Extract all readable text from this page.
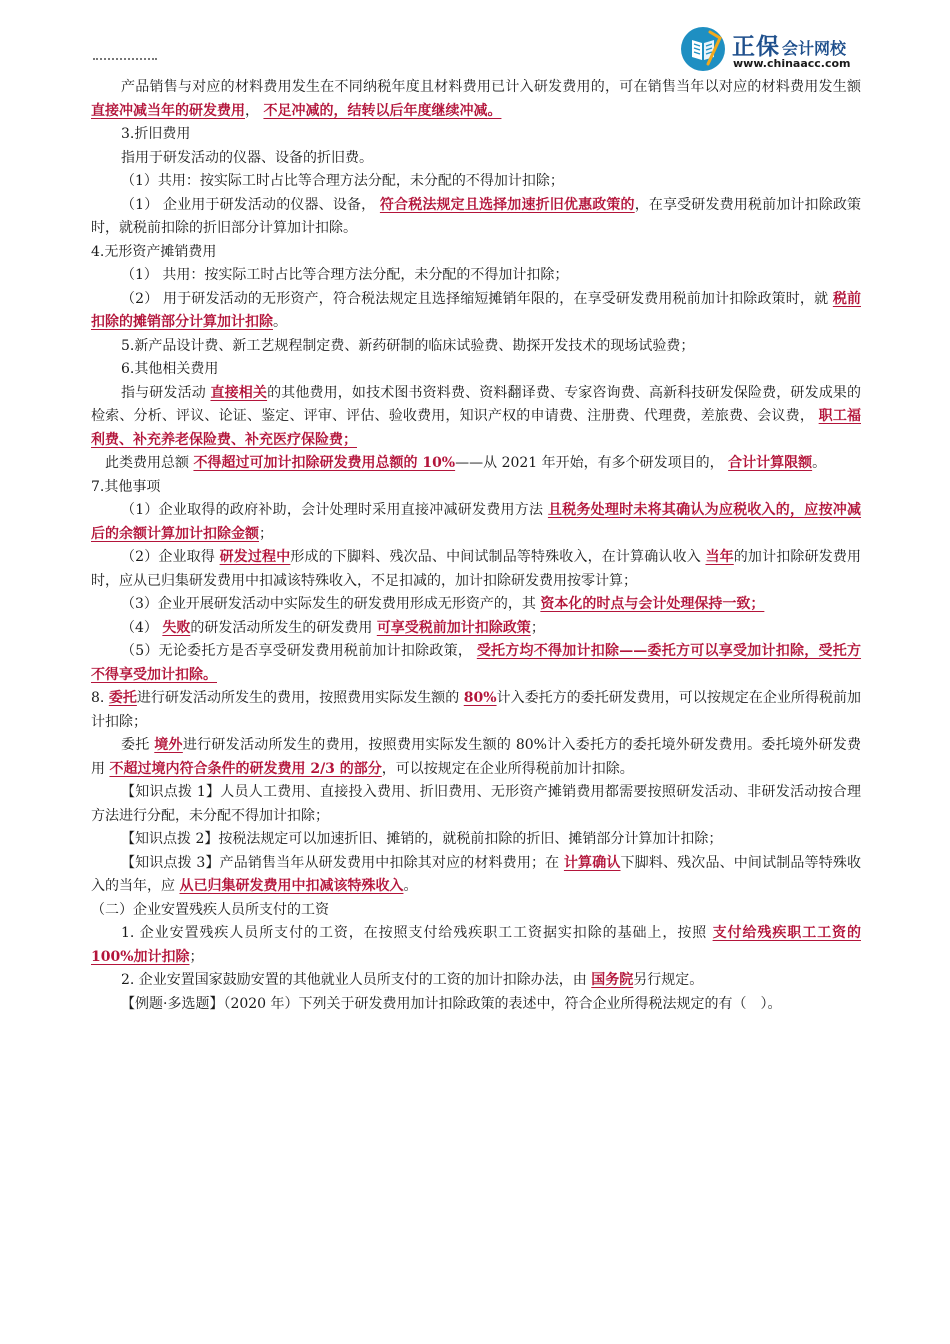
正保 会计网校
www.chinaacc.com

产品销售与对应的材料费用发生在不同纳税年度且材料费用已计入研发费用的，可在销售当年以对应的材料费用发生额 直接冲减当年的研发费用， 不足冲减的，结转以后年度继续冲减。

3.折旧费用

指用于研发活动的仪器、设备的折旧费。

（1）共用：按实际工时占比等合理方法分配，未分配的不得加计扣除；

（1） 企业用于研发活动的仪器、设备， 符合税法规定且选择加速折旧优惠政策的，在享受研发费用税前加计扣除政策时，就税前扣除的折旧部分计算加计扣除。

4.无形资产摊销费用

（1） 共用：按实际工时占比等合理方法分配，未分配的不得加计扣除；

（2） 用于研发活动的无形资产，符合税法规定且选择缩短摊销年限的，在享受研发费用税前加计扣除政策时，就 税前扣除的摊销部分计算加计扣除。

5.新产品设计费、新工艺规程制定费、新药研制的临床试验费、勘探开发技术的现场试验费；

6.其他相关费用

指与研发活动 直接相关的其他费用，如技术图书资料费、资料翻译费、专家咨询费、高新科技研发保险费，研发成果的检索、分析、评议、论证、鉴定、评审、评估、验收费用，知识产权的申请费、注册费、代理费，差旅费、会议费， 职工福利费、补充养老保险费、补充医疗保险费；

此类费用总额 不得超过可加计扣除研发费用总额的 10%——从 2021 年开始，有多个研发项目的， 合计计算限额。

7.其他事项

（1）企业取得的政府补助，会计处理时采用直接冲减研发费用方法 且税务处理时未将其确认为应税收入的，应按冲减后的余额计算加计扣除金额；

（2）企业取得 研发过程中形成的下脚料、残次品、中间试制品等特殊收入，在计算确认收入 当年的加计扣除研发费用时，应从已归集研发费用中扣减该特殊收入，不足扣减的，加计扣除研发费用按零计算；

（3）企业开展研发活动中实际发生的研发费用形成无形资产的，其 资本化的时点与会计处理保持一致；

（4） 失败的研发活动所发生的研发费用 可享受税前加计扣除政策；

（5）无论委托方是否享受研发费用税前加计扣除政策， 受托方均不得加计扣除——委托方可以享受加计扣除，受托方不得享受加计扣除。

8. 委托进行研发活动所发生的费用，按照费用实际发生额的 80%计入委托方的委托研发费用，可以按规定在企业所得税前加计扣除；

委托 境外进行研发活动所发生的费用，按照费用实际发生额的 80%计入委托方的委托境外研发费用。委托境外研发费用 不超过境内符合条件的研发费用 2/3 的部分，可以按规定在企业所得税前加计扣除。

【知识点拨 1】人员人工费用、直接投入费用、折旧费用、无形资产摊销费用都需要按照研发活动、非研发活动按合理方法进行分配，未分配不得加计扣除；

【知识点拨 2】按税法规定可以加速折旧、摊销的，就税前扣除的折旧、摊销部分计算加计扣除；

【知识点拨 3】产品销售当年从研发费用中扣除其对应的材料费用；在 计算确认下脚料、残次品、中间试制品等特殊收入的当年，应 从已归集研发费用中扣减该特殊收入。

（二）企业安置残疾人员所支付的工资

1. 企业安置残疾人员所支付的工资，在按照支付给残疾职工工资据实扣除的基础上，按照 支付给残疾职工工资的 100%加计扣除；

2. 企业安置国家鼓励安置的其他就业人员所支付的工资的加计扣除办法，由 国务院另行规定。

【例题·多选题】（2020 年）下列关于研发费用加计扣除政策的表述中，符合企业所得税法规定的有（　）。
